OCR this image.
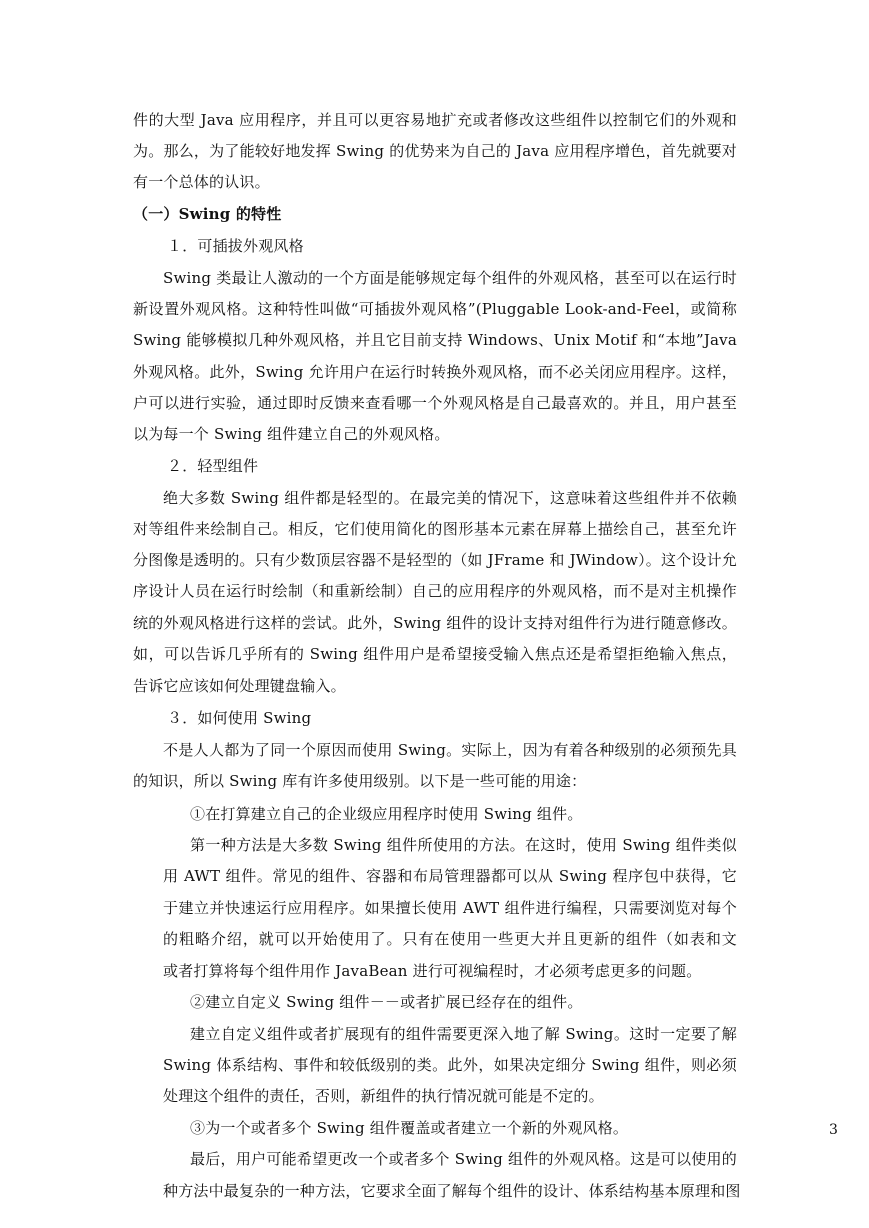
3
件的大型 Java 应用程序，并且可以更容易地扩充或者修改这些组件以控制它们的外观和
为。那么，为了能较好地发挥 Swing 的优势来为自己的 Java 应用程序增色，首先就要对
有一个总体的认识。
（一）Swing 的特性
１．可插拔外观风格
Swing 类最让人激动的一个方面是能够规定每个组件的外观风格，甚至可以在运行时
新设置外观风格。这种特性叫做“可插拔外观风格”(Pluggable Look-and-Feel，或简称
Swing 能够模拟几种外观风格，并且它目前支持 Windows、Unix Motif 和“本地”Java
外观风格。此外，Swing 允许用户在运行时转换外观风格，而不必关闭应用程序。这样，
户可以进行实验，通过即时反馈来查看哪一个外观风格是自己最喜欢的。并且，用户甚至
以为每一个 Swing 组件建立自己的外观风格。
２．轻型组件
绝大多数 Swing 组件都是轻型的。在最完美的情况下，这意味着这些组件并不依赖
对等组件来绘制自己。相反，它们使用简化的图形基本元素在屏幕上描绘自己，甚至允许
分图像是透明的。只有少数顶层容器不是轻型的（如 JFrame 和 JWindow）。这个设计允
序设计人员在运行时绘制（和重新绘制）自己的应用程序的外观风格，而不是对主机操作
统的外观风格进行这样的尝试。此外，Swing 组件的设计支持对组件行为进行随意修改。
如，可以告诉几乎所有的 Swing 组件用户是希望接受输入焦点还是希望拒绝输入焦点，
告诉它应该如何处理键盘输入。
３．如何使用 Swing
不是人人都为了同一个原因而使用 Swing。实际上，因为有着各种级别的必须预先具
的知识，所以 Swing 库有许多使用级别。以下是一些可能的用途：
①在打算建立自己的企业级应用程序时使用 Swing 组件。
第一种方法是大多数 Swing 组件所使用的方法。在这时，使用 Swing 组件类似
用 AWT 组件。常见的组件、容器和布局管理器都可以从 Swing 程序包中获得，它
于建立并快速运行应用程序。如果擅长使用 AWT 组件进行编程，只需要浏览对每个
的粗略介绍，就可以开始使用了。只有在使用一些更大并且更新的组件（如表和文
或者打算将每个组件用作 JavaBean 进行可视编程时，才必须考虑更多的问题。
②建立自定义 Swing 组件－－或者扩展已经存在的组件。
建立自定义组件或者扩展现有的组件需要更深入地了解 Swing。这时一定要了解
Swing 体系结构、事件和较低级别的类。此外，如果决定细分 Swing 组件，则必须
处理这个组件的责任，否则，新组件的执行情况就可能是不定的。
③为一个或者多个 Swing 组件覆盖或者建立一个新的外观风格。
最后，用户可能希望更改一个或者多个 Swing 组件的外观风格。这是可以使用的
种方法中最复杂的一种方法，它要求全面了解每个组件的设计、体系结构基本原理和图
